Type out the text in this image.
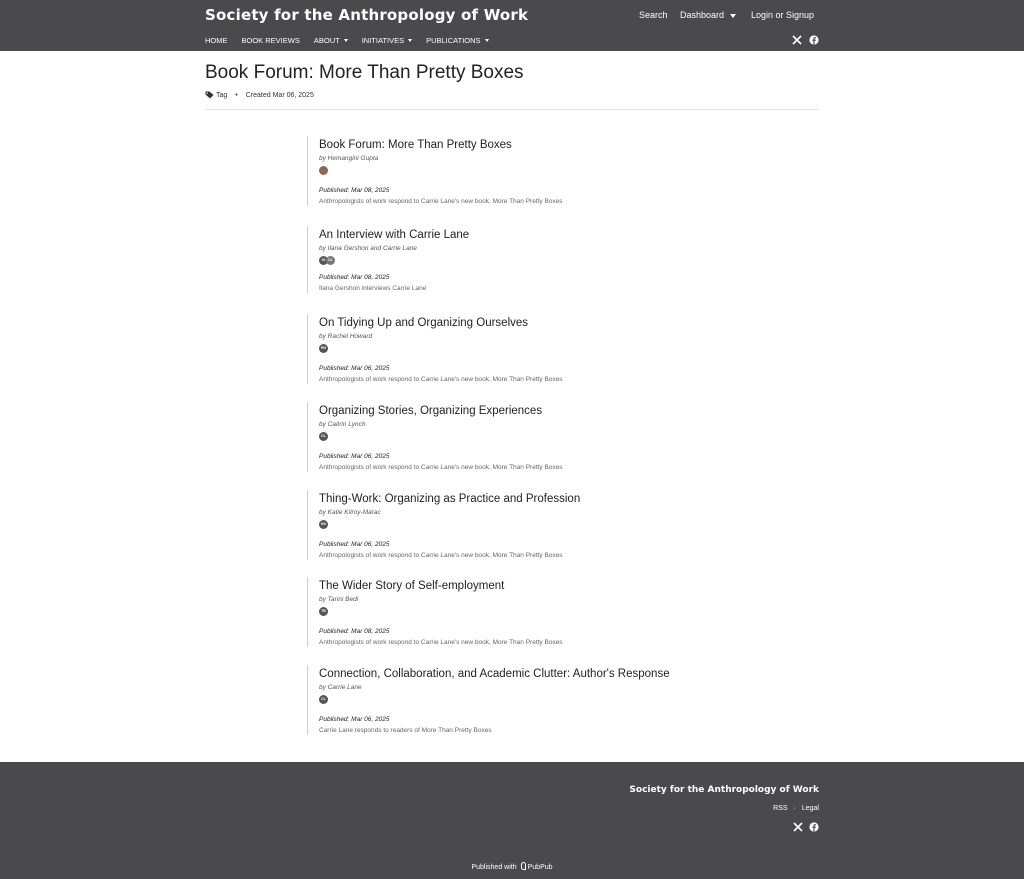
Society for the Anthropology of Work	Search Dashboard	Login or Signup
HOME BOOK REVIEWS ABOUT	INITIATIVES	PUBLICATIONS
Book Forum: More Than Pretty Boxes
Tag • Created Mar 06, 2025
Book Forum: More Than Pretty Boxes
by Hemangini Gupta
Published: Mar 08, 2025
Anthropologists of work respond to Carrie Lane's new book, More Than Pretty Boxes
An Interview with Carrie Lane
by Ilana Gershon and Carrie Lane
IG CL
Published: Mar 08, 2025
Ilana Gershon interviews Carrie Lane
On Tidying Up and Organizing Ourselves
by Rachel Howard
RH
Published: Mar 06, 2025
Anthropologists of work respond to Carrie Lane's new book, More Than Pretty Boxes
Organizing Stories, Organizing Experiences
by Caitrin Lynch
CL
Published: Mar 06, 2025
Anthropologists of work respond to Carrie Lane's new book, More Than Pretty Boxes
Thing-Work: Organizing as Practice and Profession
by Katie Kilroy-Marac
KK
Published: Mar 06, 2025
Anthropologists of work respond to Carrie Lane's new book, More Than Pretty Boxes
The Wider Story of Self-employment
by Tarini Bedi
TB
Published: Mar 08, 2025
Anthropologists of work respond to Carrie Lane's new book, More Than Pretty Boxes
Connection, Collaboration, and Academic Clutter: Author's Response
by Carrie Lane
CL
Published: Mar 06, 2025
Carrie Lane responds to readers of More Than Pretty Boxes
Society for the Anthropology of Work
RSS · Legal
Published with PubPub
